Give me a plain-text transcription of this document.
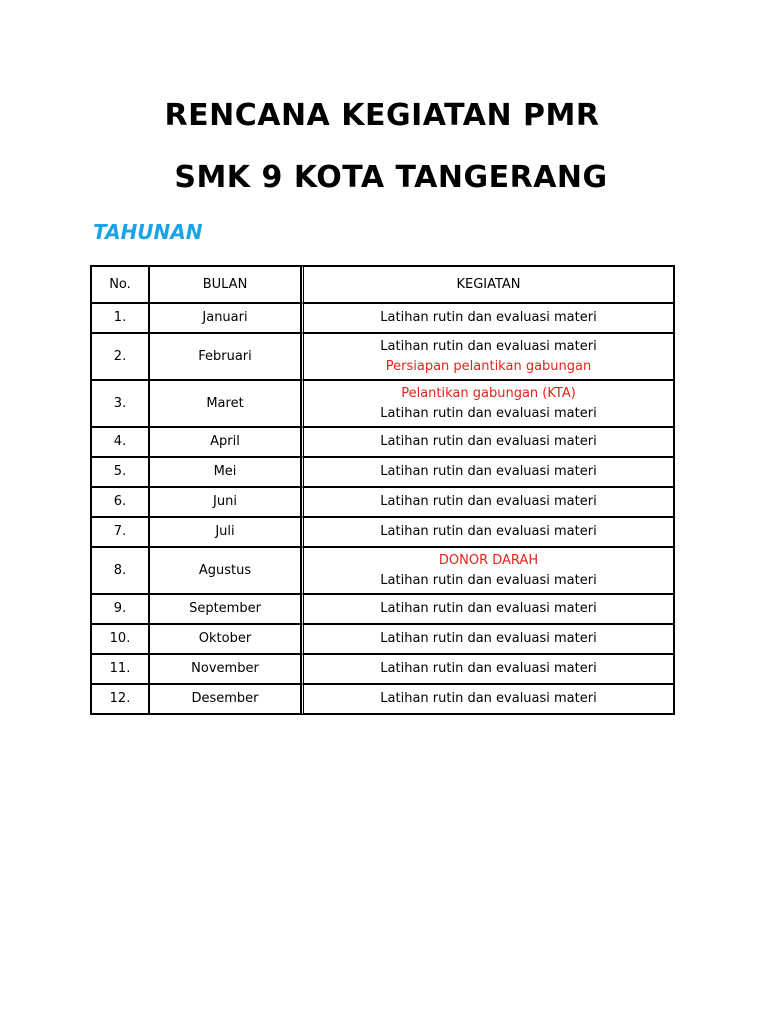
RENCANA KEGIATAN PMR
SMK 9 KOTA TANGERANG
TAHUNAN
No.	BULAN	KEGIATAN
1.	Januari	Latihan rutin dan evaluasi materi

2.	Februari	Latihan rutin dan evaluasi materi
Persiapan pelantikan gabungan

3.	Maret	Pelantikan gabungan (KTA)
Latihan rutin dan evaluasi materi

4.	April	Latihan rutin dan evaluasi materi

5.	Mei	Latihan rutin dan evaluasi materi

6.	Juni	Latihan rutin dan evaluasi materi

7.	Juli	Latihan rutin dan evaluasi materi

8.	Agustus	DONOR DARAH
Latihan rutin dan evaluasi materi

9.	September	Latihan rutin dan evaluasi materi

10.	Oktober	Latihan rutin dan evaluasi materi

11.	November	Latihan rutin dan evaluasi materi

12.	Desember	Latihan rutin dan evaluasi materi
